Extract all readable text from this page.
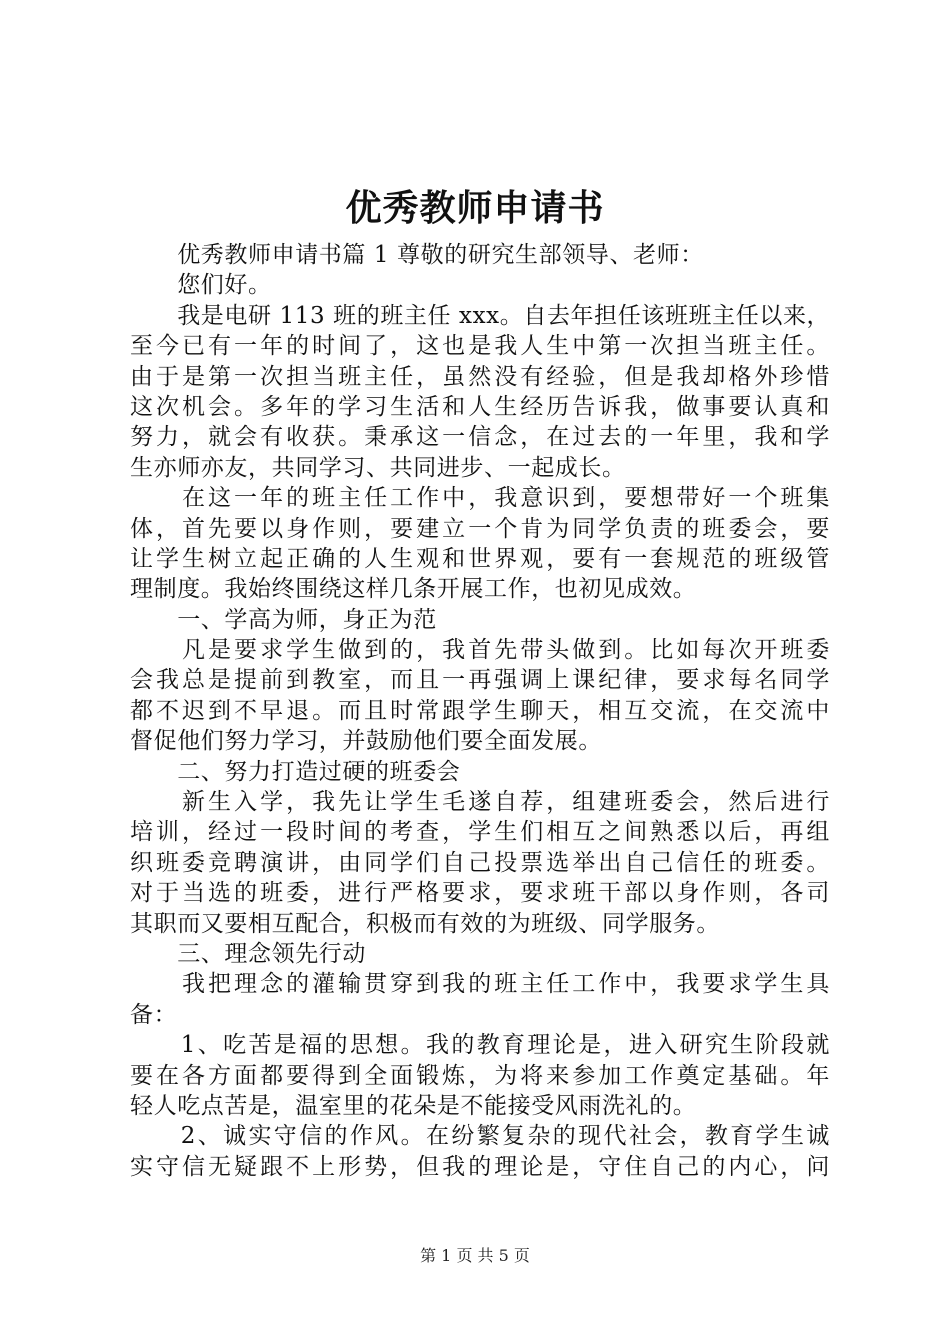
优秀教师申请书
　　优秀教师申请书篇 1 尊敬的研究生部领导、老师：
　　您们好。
　　我是电研 113 班的班主任 xxx。自去年担任该班班主任以来，
至今已有一年的时间了，这也是我人生中第一次担当班主任。
由于是第一次担当班主任，虽然没有经验，但是我却格外珍惜
这次机会。多年的学习生活和人生经历告诉我，做事要认真和
努力，就会有收获。秉承这一信念，在过去的一年里，我和学
生亦师亦友，共同学习、共同进步、一起成长。
　　在这一年的班主任工作中，我意识到，要想带好一个班集
体，首先要以身作则，要建立一个肯为同学负责的班委会，要
让学生树立起正确的人生观和世界观，要有一套规范的班级管
理制度。我始终围绕这样几条开展工作，也初见成效。
　　一、学高为师，身正为范
　　凡是要求学生做到的，我首先带头做到。比如每次开班委
会我总是提前到教室，而且一再强调上课纪律，要求每名同学
都不迟到不早退。而且时常跟学生聊天，相互交流，在交流中
督促他们努力学习，并鼓励他们要全面发展。
　　二、努力打造过硬的班委会
　　新生入学，我先让学生毛遂自荐，组建班委会，然后进行
培训，经过一段时间的考查，学生们相互之间熟悉以后，再组
织班委竞聘演讲，由同学们自己投票选举出自己信任的班委。
对于当选的班委，进行严格要求，要求班干部以身作则，各司
其职而又要相互配合，积极而有效的为班级、同学服务。
　　三、理念领先行动
　　我把理念的灌输贯穿到我的班主任工作中，我要求学生具
备：
　　1、吃苦是福的思想。我的教育理论是，进入研究生阶段就
要在各方面都要得到全面锻炼，为将来参加工作奠定基础。年
轻人吃点苦是，温室里的花朵是不能接受风雨洗礼的。
　　2、诚实守信的作风。在纷繁复杂的现代社会，教育学生诚
实守信无疑跟不上形势，但我的理论是，守住自己的内心，问
第 1 页 共 5 页
